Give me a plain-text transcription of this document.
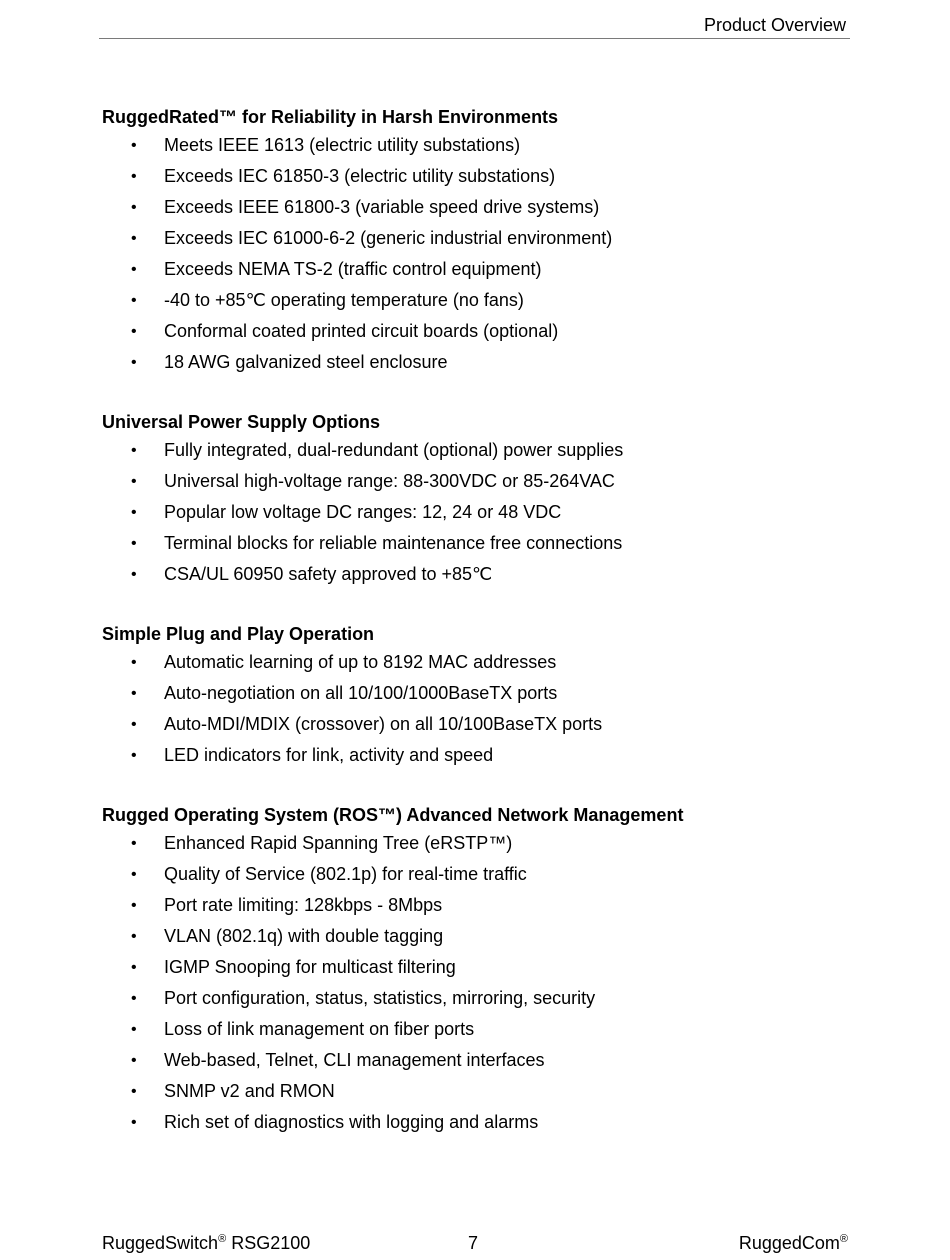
Product Overview
RuggedRated™ for Reliability in Harsh Environments
• Meets IEEE 1613 (electric utility substations)
• Exceeds IEC 61850-3 (electric utility substations)
• Exceeds IEEE 61800-3 (variable speed drive systems)
• Exceeds IEC 61000-6-2 (generic industrial environment)
• Exceeds NEMA TS-2 (traffic control equipment)
• -40 to +85℃ operating temperature (no fans)
• Conformal coated printed circuit boards (optional)
• 18 AWG galvanized steel enclosure
Universal Power Supply Options
• Fully integrated, dual-redundant (optional) power supplies
• Universal high-voltage range: 88-300VDC or 85-264VAC
• Popular low voltage DC ranges: 12, 24 or 48 VDC
• Terminal blocks for reliable maintenance free connections
• CSA/UL 60950 safety approved to +85℃
Simple Plug and Play Operation
• Automatic learning of up to 8192 MAC addresses
• Auto-negotiation on all 10/100/1000BaseTX ports
• Auto-MDI/MDIX (crossover) on all 10/100BaseTX ports
• LED indicators for link, activity and speed
Rugged Operating System (ROS™) Advanced Network Management
• Enhanced Rapid Spanning Tree (eRSTP™)
• Quality of Service (802.1p) for real-time traffic
• Port rate limiting: 128kbps - 8Mbps
• VLAN (802.1q) with double tagging
• IGMP Snooping for multicast filtering
• Port configuration, status, statistics, mirroring, security
• Loss of link management on fiber ports
• Web-based, Telnet, CLI management interfaces
• SNMP v2 and RMON
• Rich set of diagnostics with logging and alarms
RuggedSwitch® RSG2100	7	RuggedCom®
